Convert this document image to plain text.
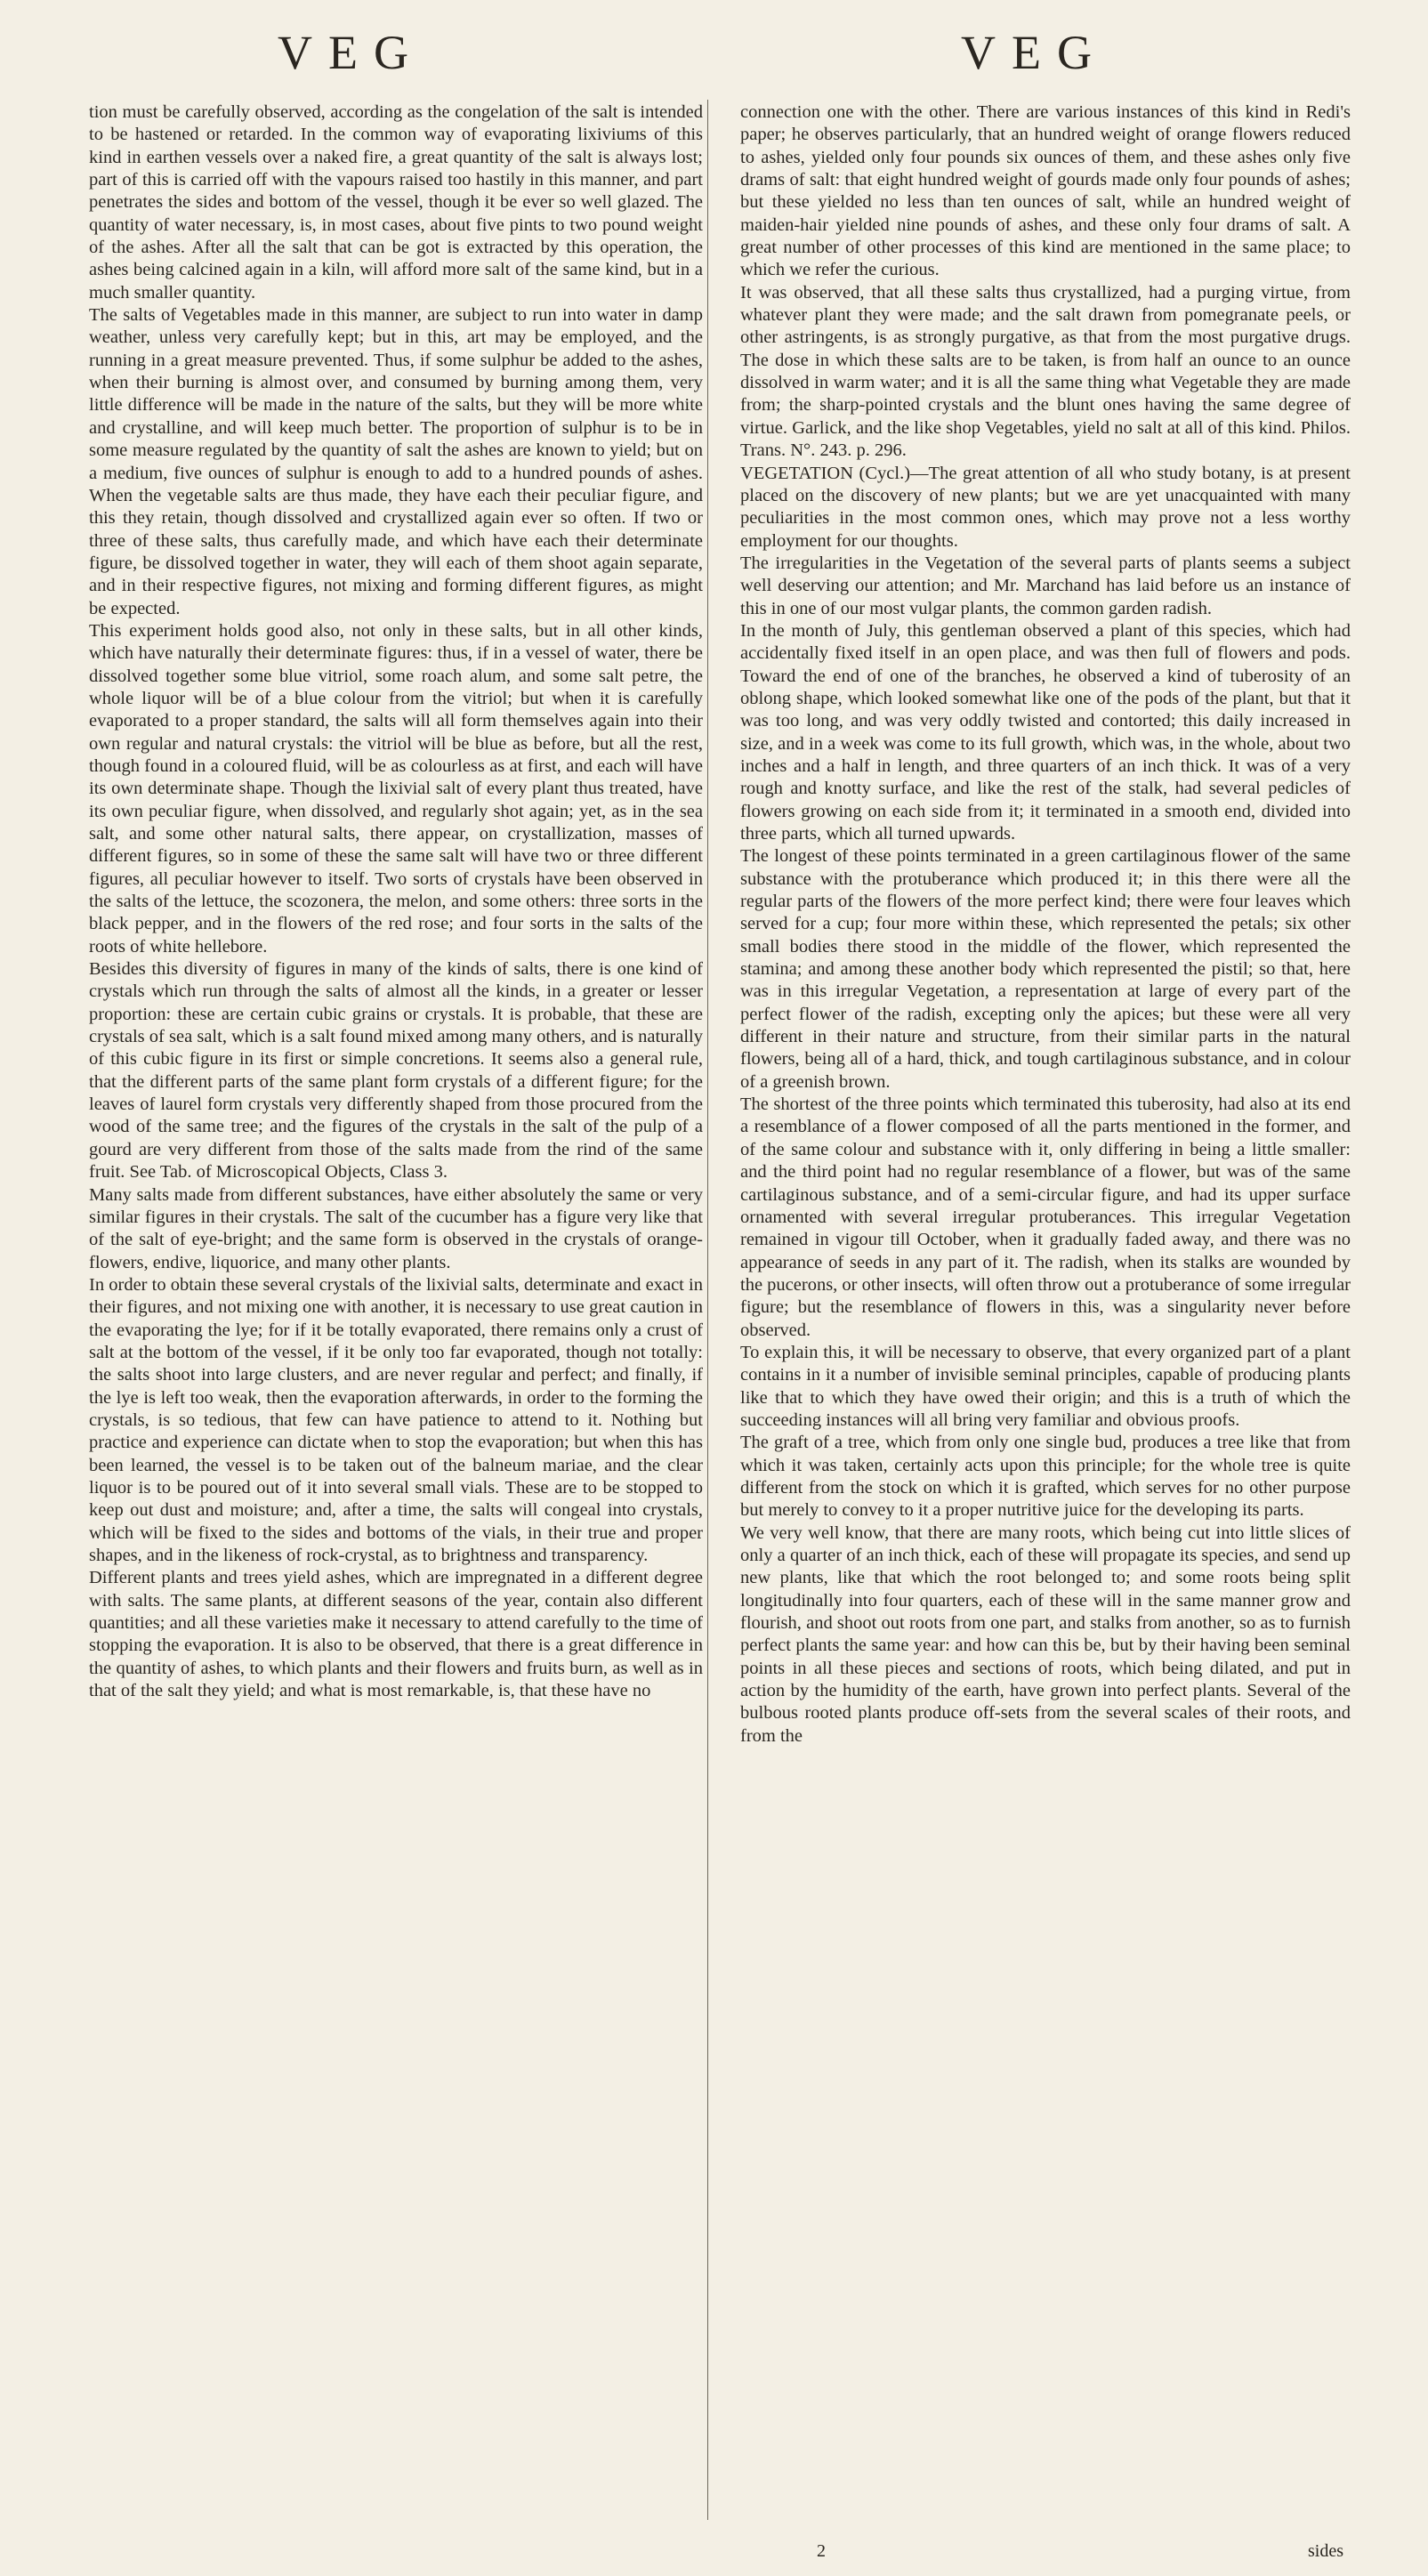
VEG	VEG

tion must be carefully observed, according as the congelation of the salt is intended to be hastened or retarded. In the common way of evaporating lixiviums of this kind in earthen vessels over a naked fire, a great quantity of the salt is always lost; part of this is carried off with the vapours raised too hastily in this manner, and part penetrates the sides and bottom of the vessel, though it be ever so well glazed. The quantity of water necessary, is, in most cases, about five pints to two pound weight of the ashes. After all the salt that can be got is extracted by this operation, the ashes being calcined again in a kiln, will afford more salt of the same kind, but in a much smaller quantity.

The salts of Vegetables made in this manner, are subject to run into water in damp weather, unless very carefully kept; but in this, art may be employed, and the running in a great measure prevented. Thus, if some sulphur be added to the ashes, when their burning is almost over, and consumed by burning among them, very little difference will be made in the nature of the salts, but they will be more white and crystalline, and will keep much better. The proportion of sulphur is to be in some measure regulated by the quantity of salt the ashes are known to yield; but on a medium, five ounces of sulphur is enough to add to a hundred pounds of ashes. When the vegetable salts are thus made, they have each their peculiar figure, and this they retain, though dissolved and crystallized again ever so often. If two or three of these salts, thus carefully made, and which have each their determinate figure, be dissolved together in water, they will each of them shoot again separate, and in their respective figures, not mixing and forming different figures, as might be expected.

This experiment holds good also, not only in these salts, but in all other kinds, which have naturally their determinate figures: thus, if in a vessel of water, there be dissolved together some blue vitriol, some roach alum, and some salt petre, the whole liquor will be of a blue colour from the vitriol; but when it is carefully evaporated to a proper standard, the salts will all form themselves again into their own regular and natural crystals: the vitriol will be blue as before, but all the rest, though found in a coloured fluid, will be as colourless as at first, and each will have its own determinate shape. Though the lixivial salt of every plant thus treated, have its own peculiar figure, when dissolved, and regularly shot again; yet, as in the sea salt, and some other natural salts, there appear, on crystallization, masses of different figures, so in some of these the same salt will have two or three different figures, all peculiar however to itself. Two sorts of crystals have been observed in the salts of the lettuce, the scozonera, the melon, and some others: three sorts in the black pepper, and in the flowers of the red rose; and four sorts in the salts of the roots of white hellebore.

Besides this diversity of figures in many of the kinds of salts, there is one kind of crystals which run through the salts of almost all the kinds, in a greater or lesser proportion: these are certain cubic grains or crystals. It is probable, that these are crystals of sea salt, which is a salt found mixed among many others, and is naturally of this cubic figure in its first or simple concretions. It seems also a general rule, that the different parts of the same plant form crystals of a different figure; for the leaves of laurel form crystals very differently shaped from those procured from the wood of the same tree; and the figures of the crystals in the salt of the pulp of a gourd are very different from those of the salts made from the rind of the same fruit. See Tab. of Microscopical Objects, Class 3.

Many salts made from different substances, have either absolutely the same or very similar figures in their crystals. The salt of the cucumber has a figure very like that of the salt of eye-bright; and the same form is observed in the crystals of orange-flowers, endive, liquorice, and many other plants.

In order to obtain these several crystals of the lixivial salts, determinate and exact in their figures, and not mixing one with another, it is necessary to use great caution in the evaporating the lye; for if it be totally evaporated, there remains only a crust of salt at the bottom of the vessel, if it be only too far evaporated, though not totally: the salts shoot into large clusters, and are never regular and perfect; and finally, if the lye is left too weak, then the evaporation afterwards, in order to the forming the crystals, is so tedious, that few can have patience to attend to it. Nothing but practice and experience can dictate when to stop the evaporation; but when this has been learned, the vessel is to be taken out of the balneum mariae, and the clear liquor is to be poured out of it into several small vials. These are to be stopped to keep out dust and moisture; and, after a time, the salts will congeal into crystals, which will be fixed to the sides and bottoms of the vials, in their true and proper shapes, and in the likeness of rock-crystal, as to brightness and transparency.

Different plants and trees yield ashes, which are impregnated in a different degree with salts. The same plants, at different seasons of the year, contain also different quantities; and all these varieties make it necessary to attend carefully to the time of stopping the evaporation. It is also to be observed, that there is a great difference in the quantity of ashes, to which plants and their flowers and fruits burn, as well as in that of the salt they yield; and what is most remarkable, is, that these have no

connection one with the other. There are various instances of this kind in Redi's paper; he observes particularly, that an hundred weight of orange flowers reduced to ashes, yielded only four pounds six ounces of them, and these ashes only five drams of salt: that eight hundred weight of gourds made only four pounds of ashes; but these yielded no less than ten ounces of salt, while an hundred weight of maiden-hair yielded nine pounds of ashes, and these only four drams of salt. A great number of other processes of this kind are mentioned in the same place; to which we refer the curious.

It was observed, that all these salts thus crystallized, had a purging virtue, from whatever plant they were made; and the salt drawn from pomegranate peels, or other astringents, is as strongly purgative, as that from the most purgative drugs. The dose in which these salts are to be taken, is from half an ounce to an ounce dissolved in warm water; and it is all the same thing what Vegetable they are made from; the sharp-pointed crystals and the blunt ones having the same degree of virtue. Garlick, and the like shop Vegetables, yield no salt at all of this kind. Philos. Trans. N°. 243. p. 296.

VEGETATION (Cycl.)—The great attention of all who study botany, is at present placed on the discovery of new plants; but we are yet unacquainted with many peculiarities in the most common ones, which may prove not a less worthy employment for our thoughts.

The irregularities in the Vegetation of the several parts of plants seems a subject well deserving our attention; and Mr. Marchand has laid before us an instance of this in one of our most vulgar plants, the common garden radish.

In the month of July, this gentleman observed a plant of this species, which had accidentally fixed itself in an open place, and was then full of flowers and pods. Toward the end of one of the branches, he observed a kind of tuberosity of an oblong shape, which looked somewhat like one of the pods of the plant, but that it was too long, and was very oddly twisted and contorted; this daily increased in size, and in a week was come to its full growth, which was, in the whole, about two inches and a half in length, and three quarters of an inch thick. It was of a very rough and knotty surface, and like the rest of the stalk, had several pedicles of flowers growing on each side from it; it terminated in a smooth end, divided into three parts, which all turned upwards.

The longest of these points terminated in a green cartilaginous flower of the same substance with the protuberance which produced it; in this there were all the regular parts of the flowers of the more perfect kind; there were four leaves which served for a cup; four more within these, which represented the petals; six other small bodies there stood in the middle of the flower, which represented the stamina; and among these another body which represented the pistil; so that, here was in this irregular Vegetation, a representation at large of every part of the perfect flower of the radish, excepting only the apices; but these were all very different in their nature and structure, from their similar parts in the natural flowers, being all of a hard, thick, and tough cartilaginous substance, and in colour of a greenish brown.

The shortest of the three points which terminated this tuberosity, had also at its end a resemblance of a flower composed of all the parts mentioned in the former, and of the same colour and substance with it, only differing in being a little smaller: and the third point had no regular resemblance of a flower, but was of the same cartilaginous substance, and of a semi-circular figure, and had its upper surface ornamented with several irregular protuberances. This irregular Vegetation remained in vigour till October, when it gradually faded away, and there was no appearance of seeds in any part of it. The radish, when its stalks are wounded by the pucerons, or other insects, will often throw out a protuberance of some irregular figure; but the resemblance of flowers in this, was a singularity never before observed.

To explain this, it will be necessary to observe, that every organized part of a plant contains in it a number of invisible seminal principles, capable of producing plants like that to which they have owed their origin; and this is a truth of which the succeeding instances will all bring very familiar and obvious proofs.

The graft of a tree, which from only one single bud, produces a tree like that from which it was taken, certainly acts upon this principle; for the whole tree is quite different from the stock on which it is grafted, which serves for no other purpose but merely to convey to it a proper nutritive juice for the developing its parts.

We very well know, that there are many roots, which being cut into little slices of only a quarter of an inch thick, each of these will propagate its species, and send up new plants, like that which the root belonged to; and some roots being split longitudinally into four quarters, each of these will in the same manner grow and flourish, and shoot out roots from one part, and stalks from another, so as to furnish perfect plants the same year: and how can this be, but by their having been seminal points in all these pieces and sections of roots, which being dilated, and put in action by the humidity of the earth, have grown into perfect plants. Several of the bulbous rooted plants produce off-sets from the several scales of their roots, and from the

2	sides
